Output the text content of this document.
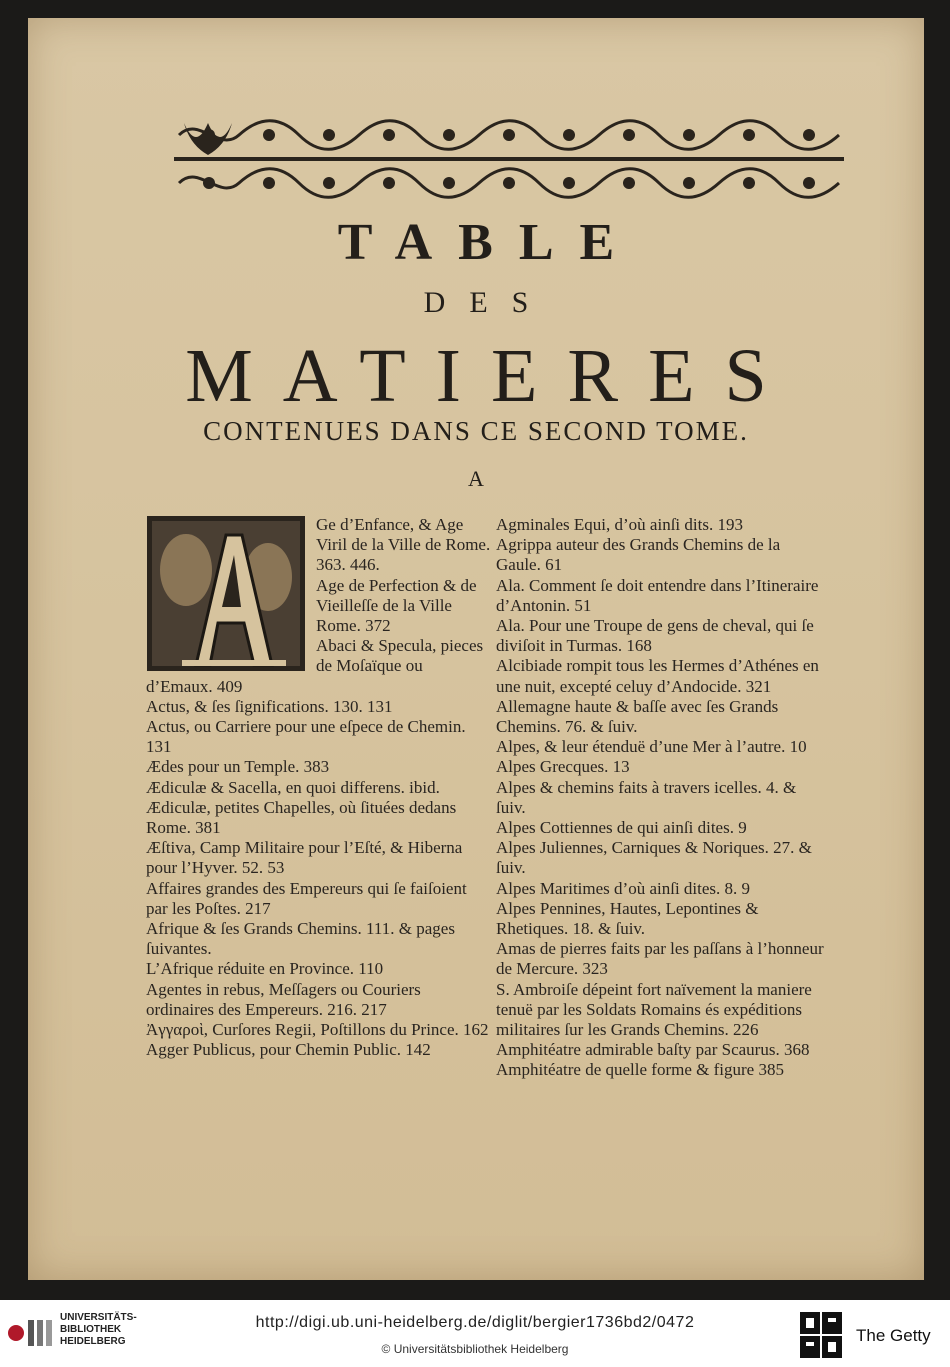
TABLE
DES
MATIERES
CONTENUES DANS CE SECOND TOME.
A

Ge d’Enfance, & Age Viril de la Ville de Rome. 363. 446.

Age de Perfection & de Vieilleſſe de la Ville Rome. 372

Abaci & Specula, pieces de Moſaïque ou d’Emaux. 409

Actus, & ſes ſignifications. 130. 131

Actus, ou Carriere pour une eſpece de Chemin. 131

Ædes pour un Temple. 383

Ædiculæ & Sacella, en quoi differens. ibid.

Ædiculæ, petites Chapelles, où ſituées dedans Rome. 381

Æſtiva, Camp Militaire pour l’Eſté, & Hiberna pour l’Hyver. 52. 53

Affaires grandes des Empereurs qui ſe faiſoient par les Poſtes. 217

Afrique & ſes Grands Chemins. 111. & pages ſuivantes.

L’Afrique réduite en Province. 110

Agentes in rebus, Meſſagers ou Couriers ordinaires des Empereurs. 216. 217

Ἀγγαροὶ, Curſores Regii, Poſtillons du Prince. 162

Agger Publicus, pour Chemin Public. 142

Agminales Equi, d’où ainſi dits. 193

Agrippa auteur des Grands Chemins de la Gaule. 61

Ala. Comment ſe doit entendre dans l’Itineraire d’Antonin. 51

Ala. Pour une Troupe de gens de cheval, qui ſe diviſoit in Turmas. 168

Alcibiade rompit tous les Hermes d’Athénes en une nuit, excepté celuy d’Andocide. 321

Allemagne haute & baſſe avec ſes Grands Chemins. 76. & ſuiv.

Alpes, & leur étenduë d’une Mer à l’autre. 10

Alpes Grecques. 13

Alpes & chemins faits à travers icelles. 4. & ſuiv.

Alpes Cottiennes de qui ainſi dites. 9

Alpes Juliennes, Carniques & Noriques. 27. & ſuiv.

Alpes Maritimes d’où ainſi dites. 8. 9

Alpes Pennines, Hautes, Lepontines & Rhetiques. 18. & ſuiv.

Amas de pierres faits par les paſſans à l’honneur de Mercure. 323

S. Ambroiſe dépeint fort naïvement la maniere tenuë par les Soldats Romains és expéditions militaires ſur les Grands Chemins. 226

Amphitéatre admirable baſty par Scaurus. 368

Amphitéatre de quelle forme & figure 385

UNIVERSITÄTS-
BIBLIOTHEK
HEIDELBERG
http://digi.ub.uni-heidelberg.de/diglit/bergier1736bd2/0472
© Universitätsbibliothek Heidelberg
The Getty
